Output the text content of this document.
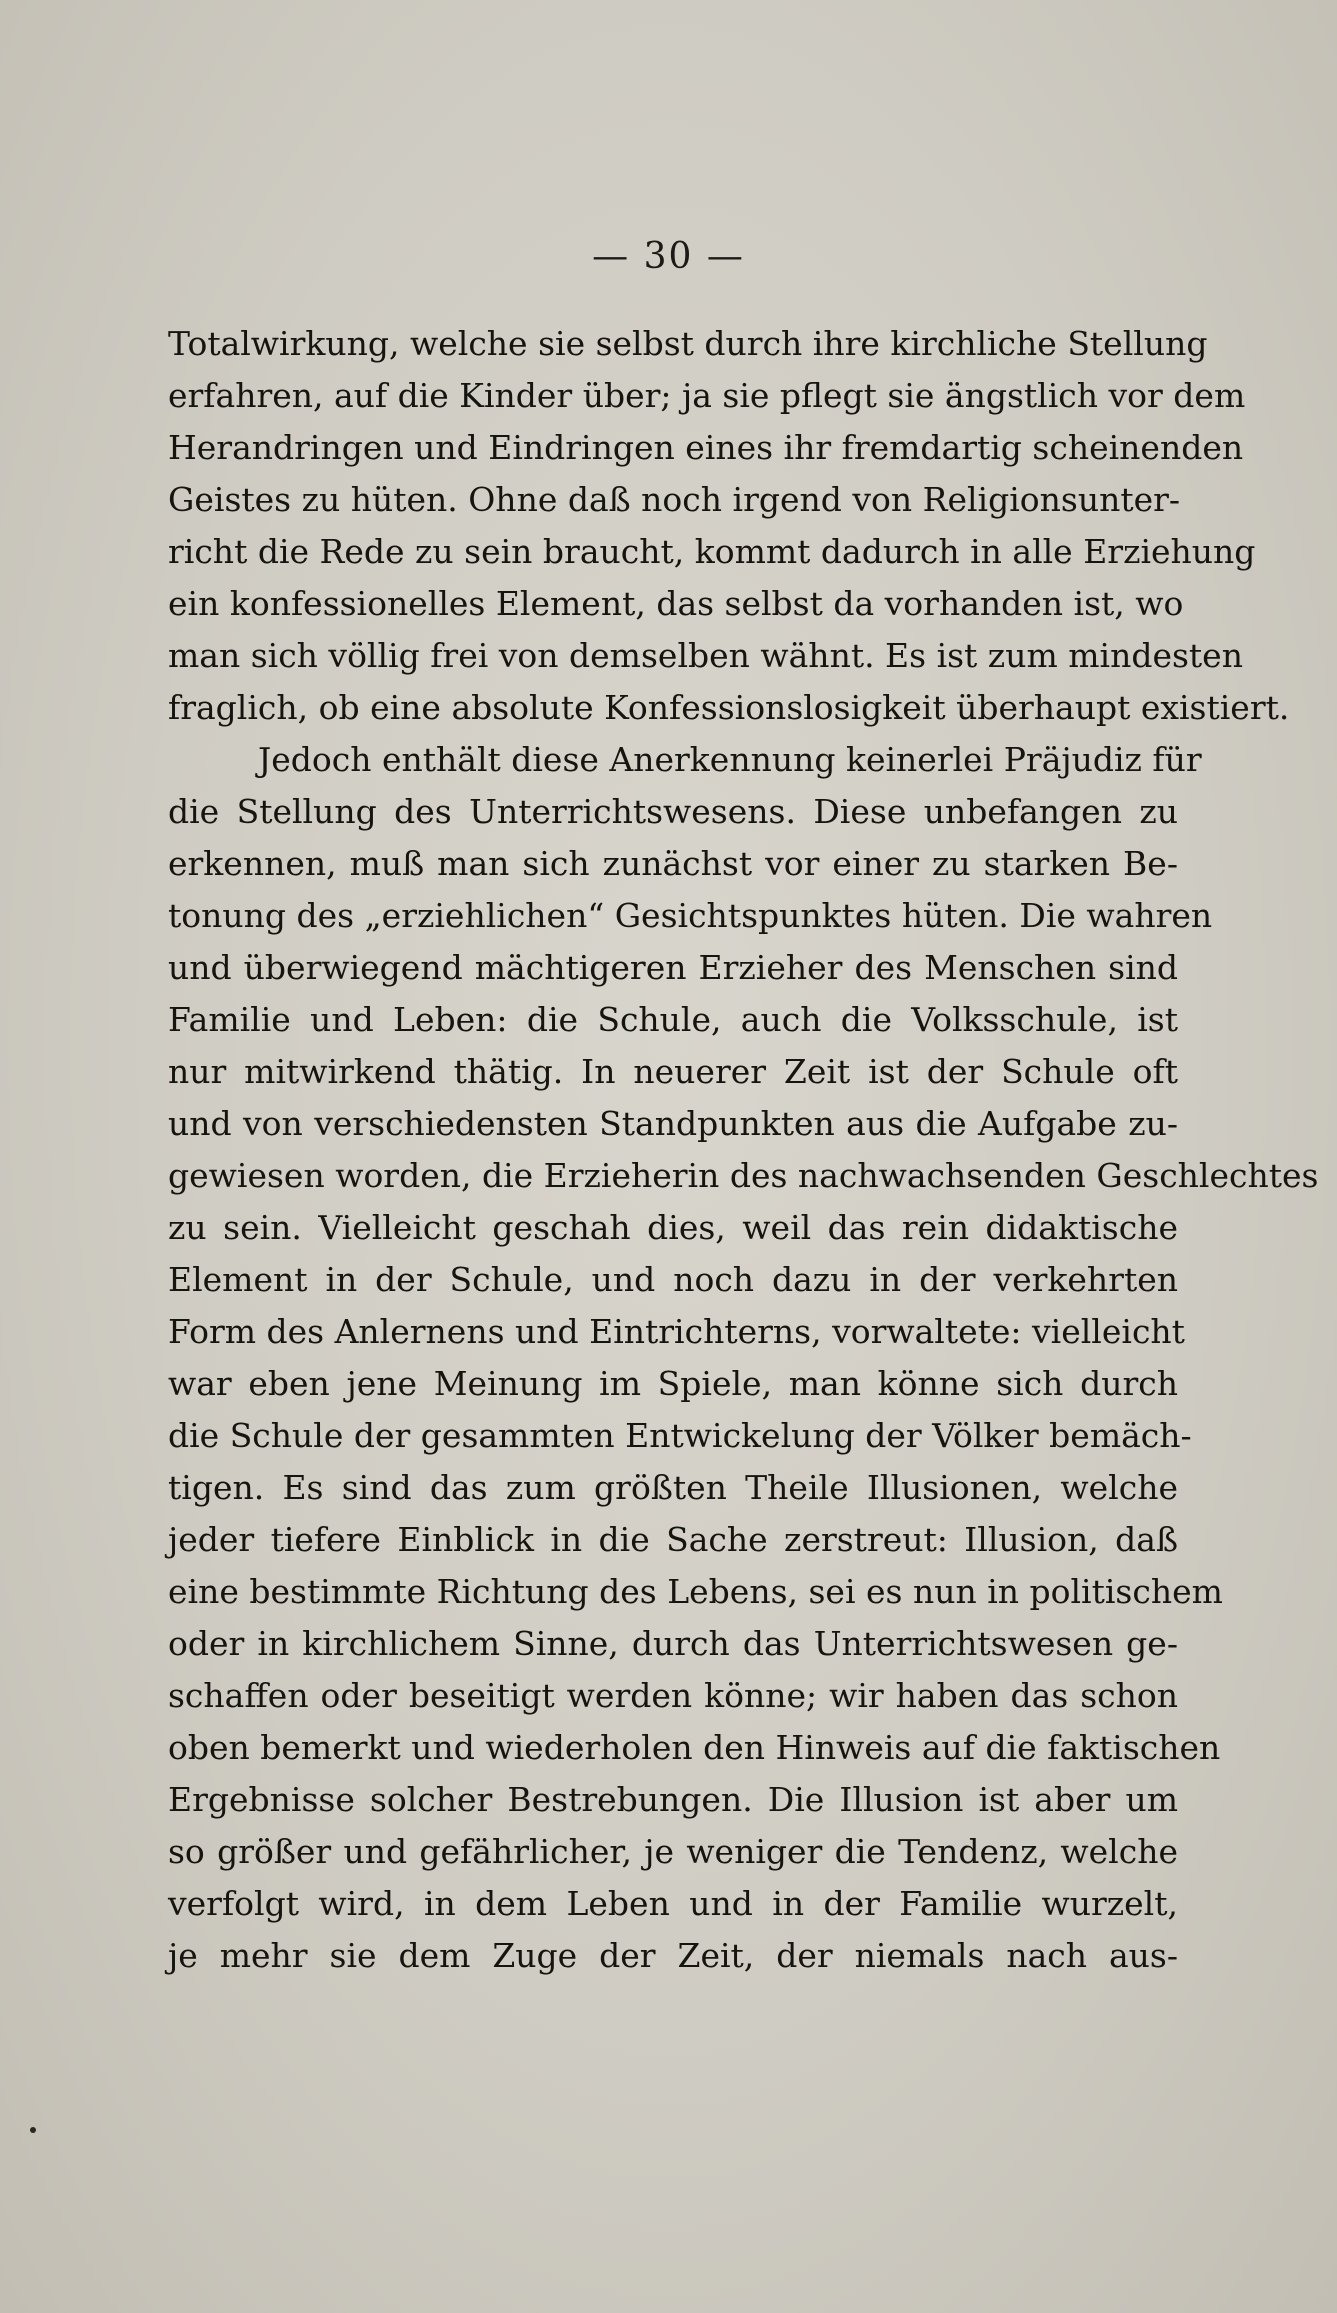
— 30 —
Totalwirkung, welche sie selbst durch ihre kirchliche Stellung
erfahren, auf die Kinder über; ja sie pflegt sie ängstlich vor dem
Herandringen und Eindringen eines ihr fremdartig scheinenden
Geistes zu hüten. Ohne daß noch irgend von Religionsunter-
richt die Rede zu sein braucht, kommt dadurch in alle Erziehung
ein konfessionelles Element, das selbst da vorhanden ist, wo
man sich völlig frei von demselben wähnt. Es ist zum mindesten
fraglich, ob eine absolute Konfessionslosigkeit überhaupt existiert.
Jedoch enthält diese Anerkennung keinerlei Präjudiz für
die Stellung des Unterrichtswesens. Diese unbefangen zu
erkennen, muß man sich zunächst vor einer zu starken Be-
tonung des „erziehlichen“ Gesichtspunktes hüten. Die wahren
und überwiegend mächtigeren Erzieher des Menschen sind
Familie und Leben: die Schule, auch die Volksschule, ist
nur mitwirkend thätig. In neuerer Zeit ist der Schule oft
und von verschiedensten Standpunkten aus die Aufgabe zu-
gewiesen worden, die Erzieherin des nachwachsenden Geschlechtes
zu sein. Vielleicht geschah dies, weil das rein didaktische
Element in der Schule, und noch dazu in der verkehrten
Form des Anlernens und Eintrichterns, vorwaltete: vielleicht
war eben jene Meinung im Spiele, man könne sich durch
die Schule der gesammten Entwickelung der Völker bemäch-
tigen. Es sind das zum größten Theile Illusionen, welche
jeder tiefere Einblick in die Sache zerstreut: Illusion, daß
eine bestimmte Richtung des Lebens, sei es nun in politischem
oder in kirchlichem Sinne, durch das Unterrichtswesen ge-
schaffen oder beseitigt werden könne; wir haben das schon
oben bemerkt und wiederholen den Hinweis auf die faktischen
Ergebnisse solcher Bestrebungen. Die Illusion ist aber um
so größer und gefährlicher, je weniger die Tendenz, welche
verfolgt wird, in dem Leben und in der Familie wurzelt,
je mehr sie dem Zuge der Zeit, der niemals nach aus-
